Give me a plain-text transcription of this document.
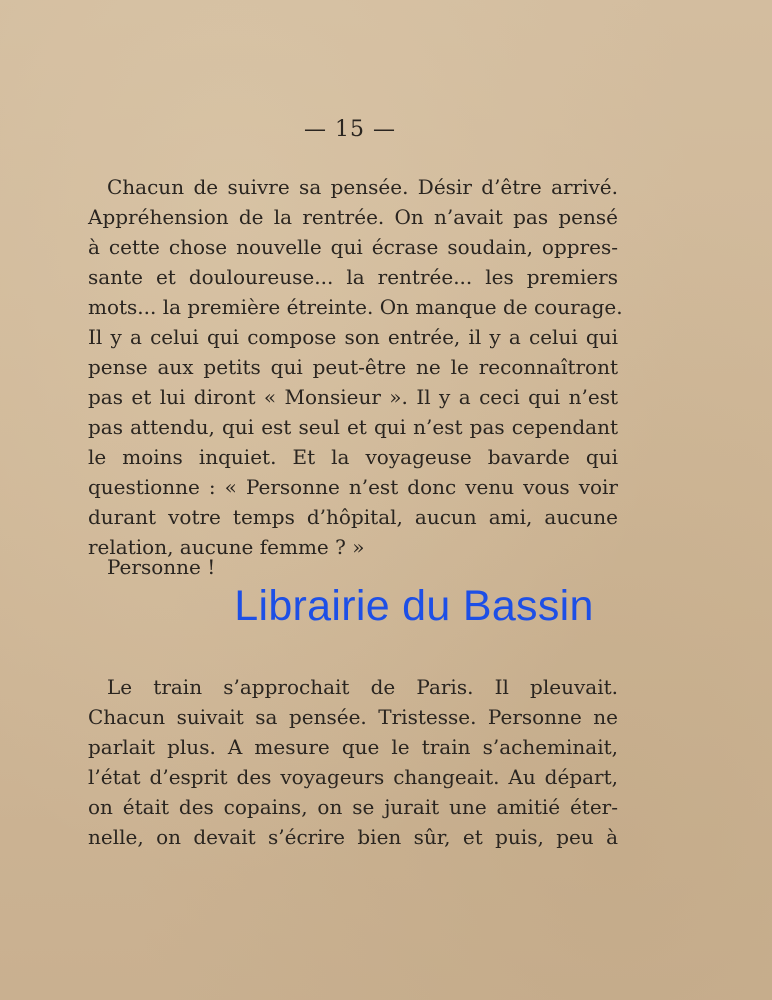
— 15 —
Chacun de suivre sa pensée. Désir d’être arrivé.
Appréhension de la rentrée. On n’avait pas pensé
à cette chose nouvelle qui écrase soudain, oppres-
sante et douloureuse... la rentrée... les premiers
mots... la première étreinte. On manque de courage.
Il y a celui qui compose son entrée, il y a celui qui
pense aux petits qui peut-être ne le reconnaîtront
pas et lui diront « Monsieur ». Il y a ceci qui n’est
pas attendu, qui est seul et qui n’est pas cependant
le moins inquiet. Et la voyageuse bavarde qui
questionne : « Personne n’est donc venu vous voir
durant votre temps d’hôpital, aucun ami, aucune
relation, aucune femme ? »
Personne !
Librairie du Bassin
Le train s’approchait de Paris. Il pleuvait.
Chacun suivait sa pensée. Tristesse. Personne ne
parlait plus. A mesure que le train s’acheminait,
l’état d’esprit des voyageurs changeait. Au départ,
on était des copains, on se jurait une amitié éter-
nelle, on devait s’écrire bien sûr, et puis, peu à
